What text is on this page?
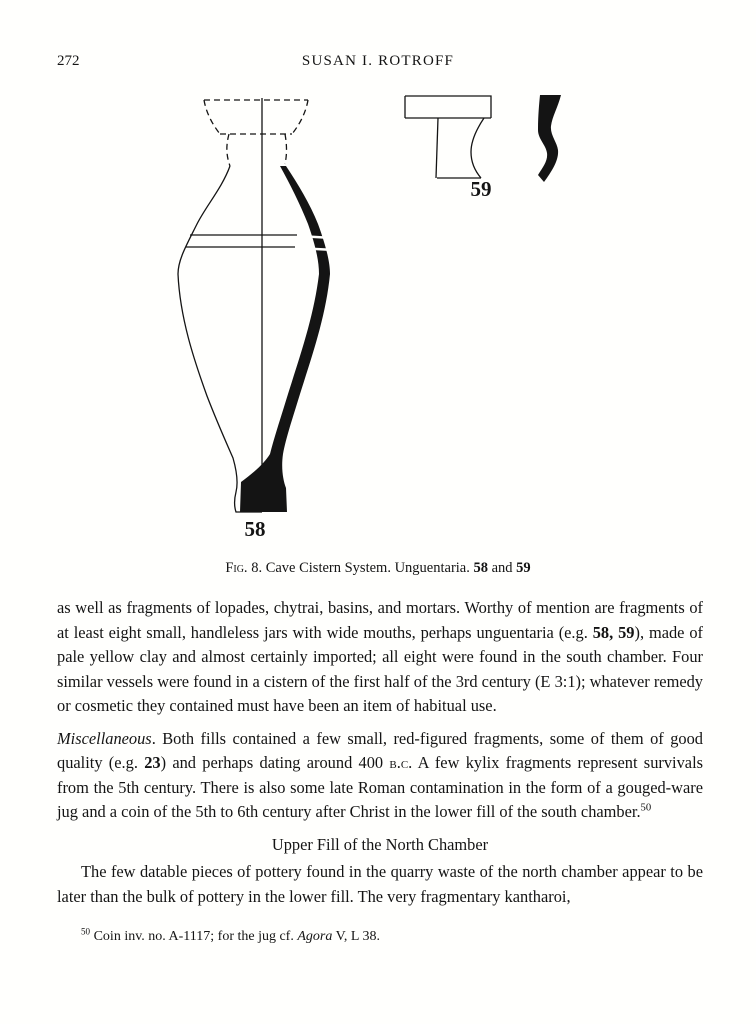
272	SUSAN I. ROTROFF
58
59
Fig. 8. Cave Cistern System. Unguentaria. 58 and 59

as well as fragments of lopades, chytrai, basins, and mortars. Worthy of mention are fragments of at least eight small, handleless jars with wide mouths, perhaps unguentaria (e.g. 58, 59), made of pale yellow clay and almost certainly imported; all eight were found in the south chamber. Four similar vessels were found in a cistern of the first half of the 3rd century (E 3:1); whatever remedy or cosmetic they contained must have been an item of habitual use.

Miscellaneous. Both fills contained a few small, red-figured fragments, some of them of good quality (e.g. 23) and perhaps dating around 400 b.c. A few kylix fragments represent survivals from the 5th century. There is also some late Roman contamination in the form of a gouged-ware jug and a coin of the 5th to 6th century after Christ in the lower fill of the south chamber.$^{50}$

Upper Fill of the North Chamber

The few datable pieces of pottery found in the quarry waste of the north chamber appear to be later than the bulk of pottery in the lower fill. The very fragmentary kantharoi,

$^{50}$ Coin inv. no. A-1117; for the jug cf. Agora V, L 38.
